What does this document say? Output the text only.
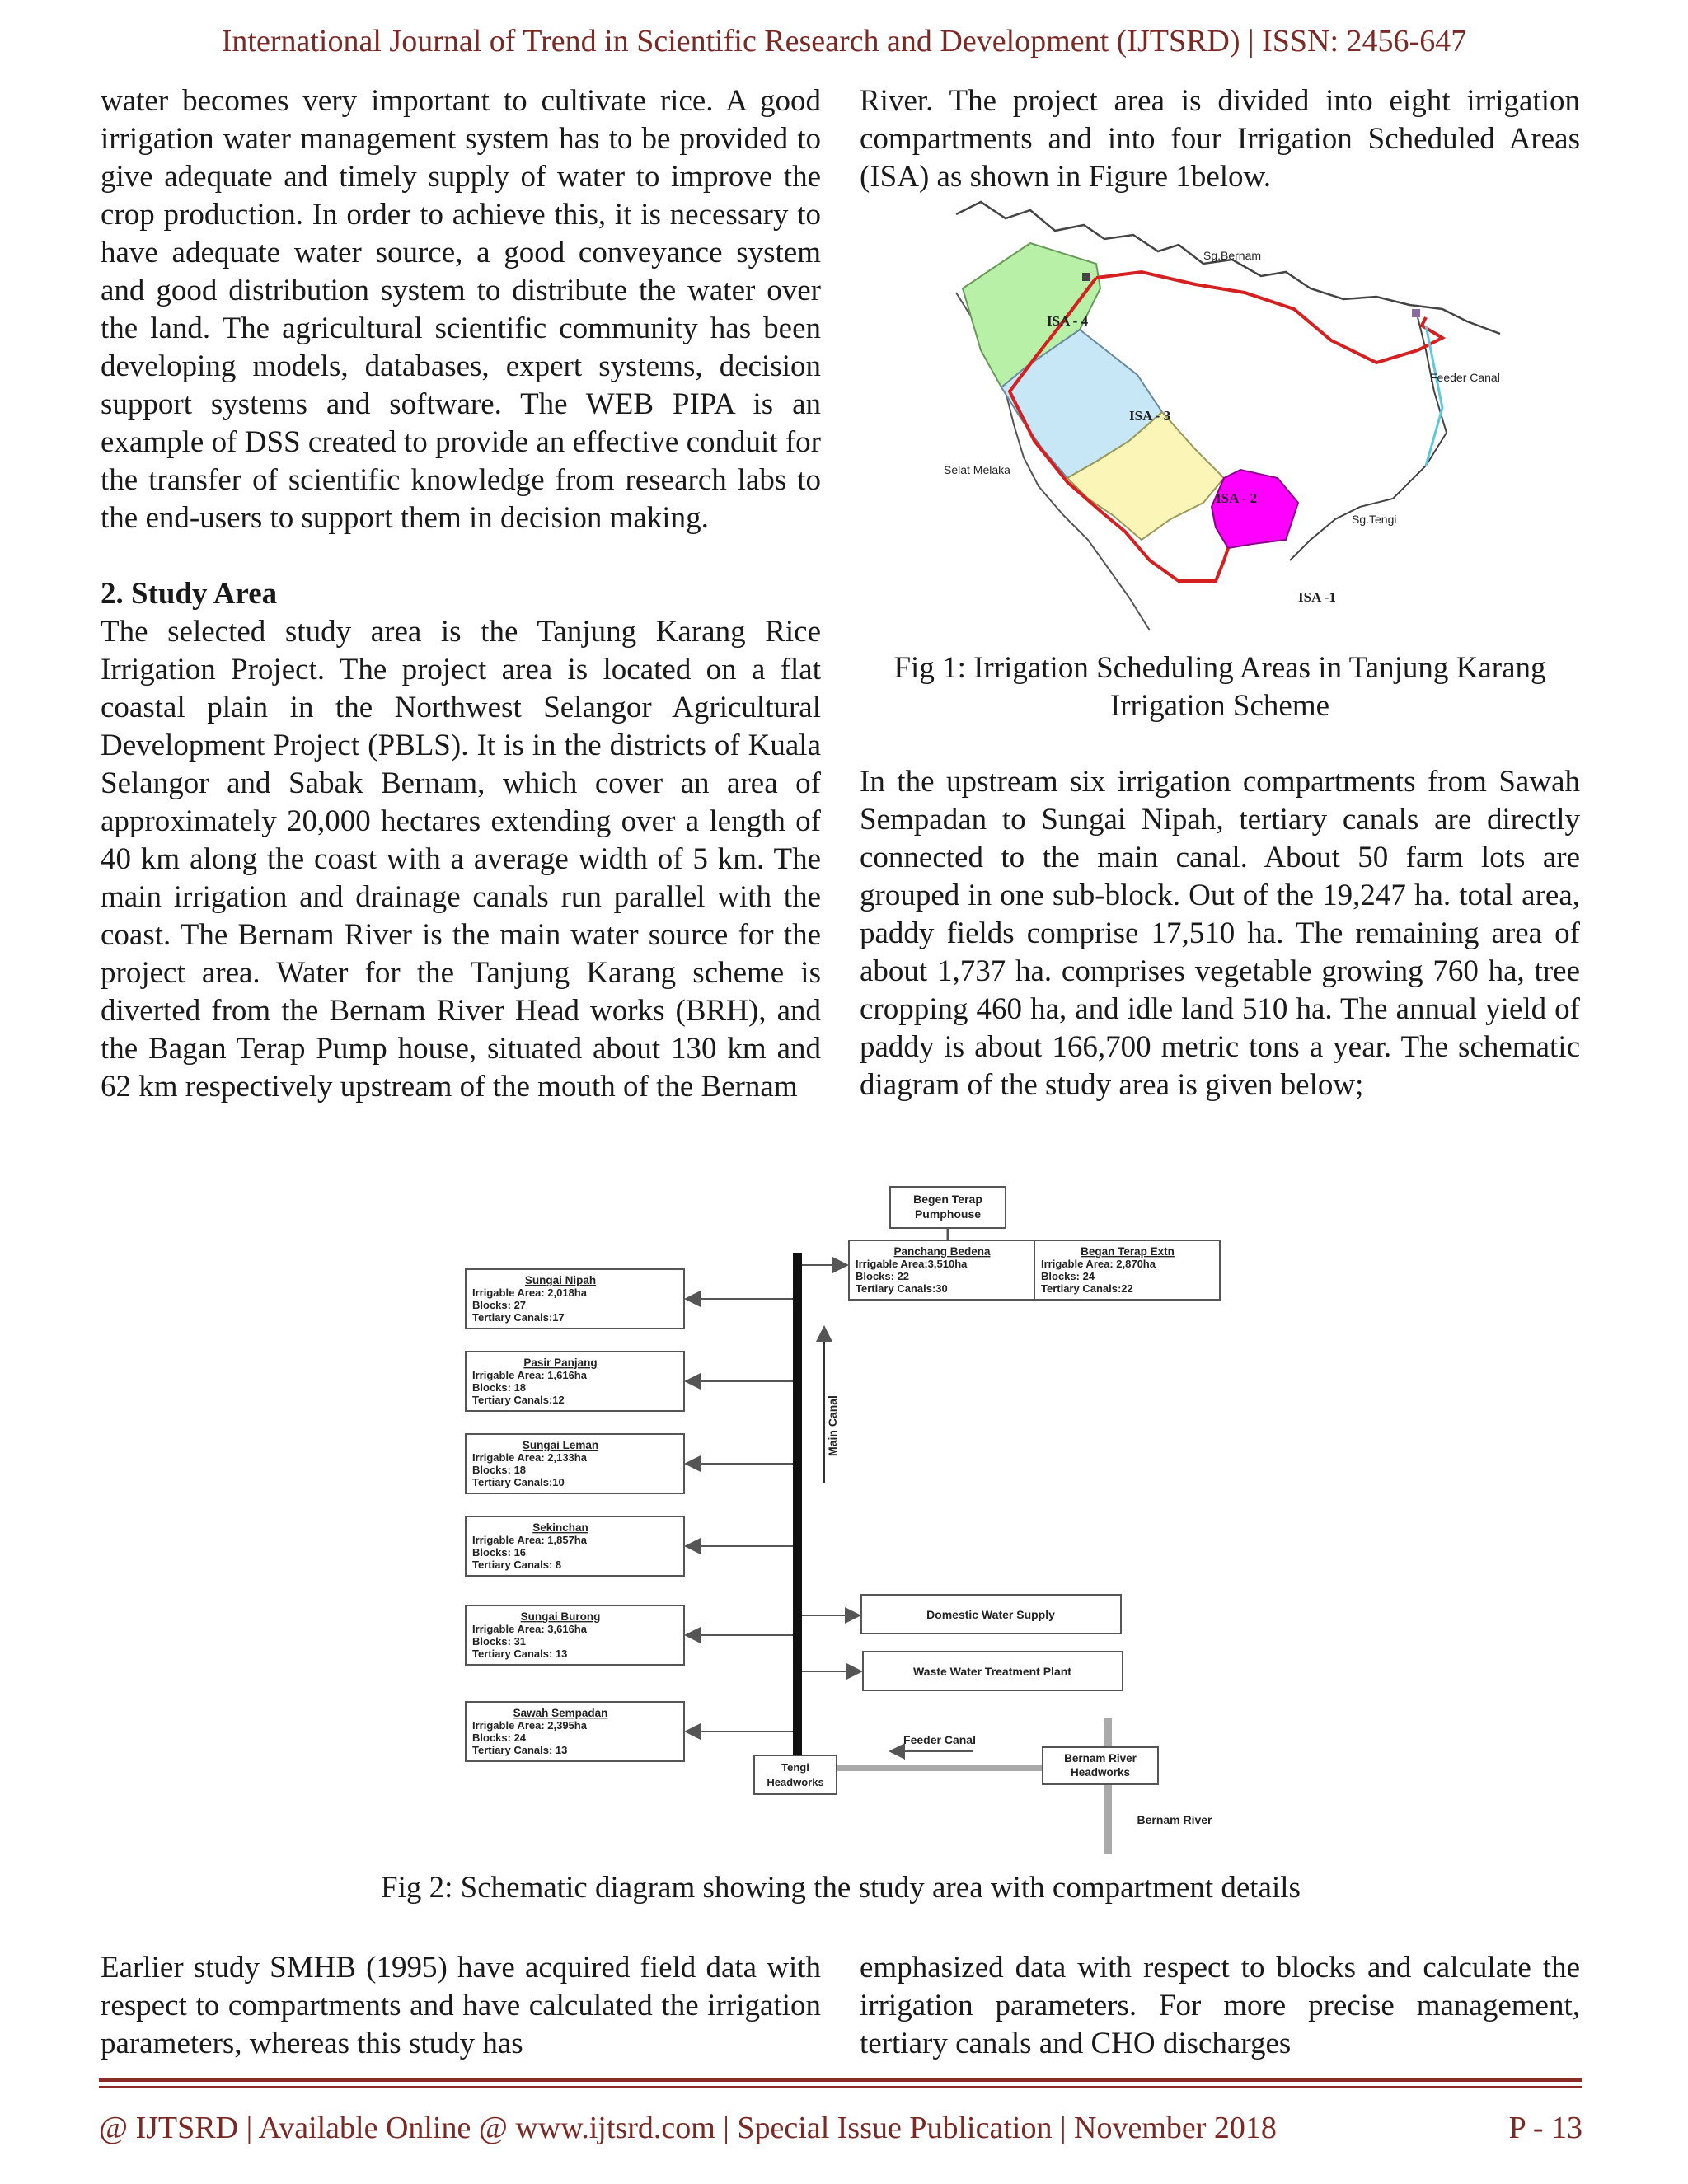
International Journal of Trend in Scientific Research and Development (IJTSRD) | ISSN: 2456-647

water becomes very important to cultivate rice. A good irrigation water management system has to be provided to give adequate and timely supply of water to improve the crop production. In order to achieve this, it is necessary to have adequate water source, a good conveyance system and good distribution system to distribute the water over the land. The agricultural scientific community has been developing models, databases, expert systems, decision support systems and software. The WEB PIPA is an example of DSS created to provide an effective conduit for the transfer of scientific knowledge from research labs to the end-users to support them in decision making.

2. Study Area

The selected study area is the Tanjung Karang Rice Irrigation Project. The project area is located on a flat coastal plain in the Northwest Selangor Agricultural Development Project (PBLS). It is in the districts of Kuala Selangor and Sabak Bernam, which cover an area of approximately 20,000 hectares extending over a length of 40 km along the coast with a average width of 5 km. The main irrigation and drainage canals run parallel with the coast. The Bernam River is the main water source for the project area. Water for the Tanjung Karang scheme is diverted from the Bernam River Head works (BRH), and the Bagan Terap Pump house, situated about 130 km and 62 km respectively upstream of the mouth of the Bernam

River. The project area is divided into eight irrigation compartments and into four Irrigation Scheduled Areas (ISA) as shown in Figure 1below.

Sg.Bernam
Feeder Canal
Selat Melaka
Sg.Tengi
ISA - 4
ISA - 3
ISA - 2
ISA -1
Fig 1: Irrigation Scheduling Areas in Tanjung Karang Irrigation Scheme

In the upstream six irrigation compartments from Sawah Sempadan to Sungai Nipah, tertiary canals are directly connected to the main canal. About 50 farm lots are grouped in one sub-block. Out of the 19,247 ha. total area, paddy fields comprise 17,510 ha. The remaining area of about 1,737 ha. comprises vegetable growing 760 ha, tree cropping 460 ha, and idle land 510 ha. The annual yield of paddy is about 166,700 metric tons a year. The schematic diagram of the study area is given below;

Begen Terap
Pumphouse
Panchang Bedena
Irrigable Area:3,510ha
Blocks: 22
Tertiary Canals:30
Began Terap Extn
Irrigable Area: 2,870ha
Blocks: 24
Tertiary Canals:22
Main Canal
Sungai Nipah
Irrigable Area: 2,018ha
Blocks: 27
Tertiary Canals:17
Pasir Panjang
Irrigable Area: 1,616ha
Blocks: 18
Tertiary Canals:12
Sungai Leman
Irrigable Area: 2,133ha
Blocks: 18
Tertiary Canals:10
Sekinchan
Irrigable Area: 1,857ha
Blocks: 16
Tertiary Canals: 8
Sungai Burong
Irrigable Area: 3,616ha
Blocks: 31
Tertiary Canals: 13
Sawah Sempadan
Irrigable Area: 2,395ha
Blocks: 24
Tertiary Canals: 13
Domestic Water Supply
Waste Water Treatment Plant
Tengi
Headworks
Feeder Canal
Bernam River
Headworks
Bernam River
Fig 2: Schematic diagram showing the study area with compartment details

Earlier study SMHB (1995) have acquired field data with respect to compartments and have calculated the irrigation parameters, whereas this study has

emphasized data with respect to blocks and calculate the irrigation parameters. For more precise management, tertiary canals and CHO discharges

@ IJTSRD | Available Online @ www.ijtsrd.com | Special Issue Publication | November 2018	P - 13
